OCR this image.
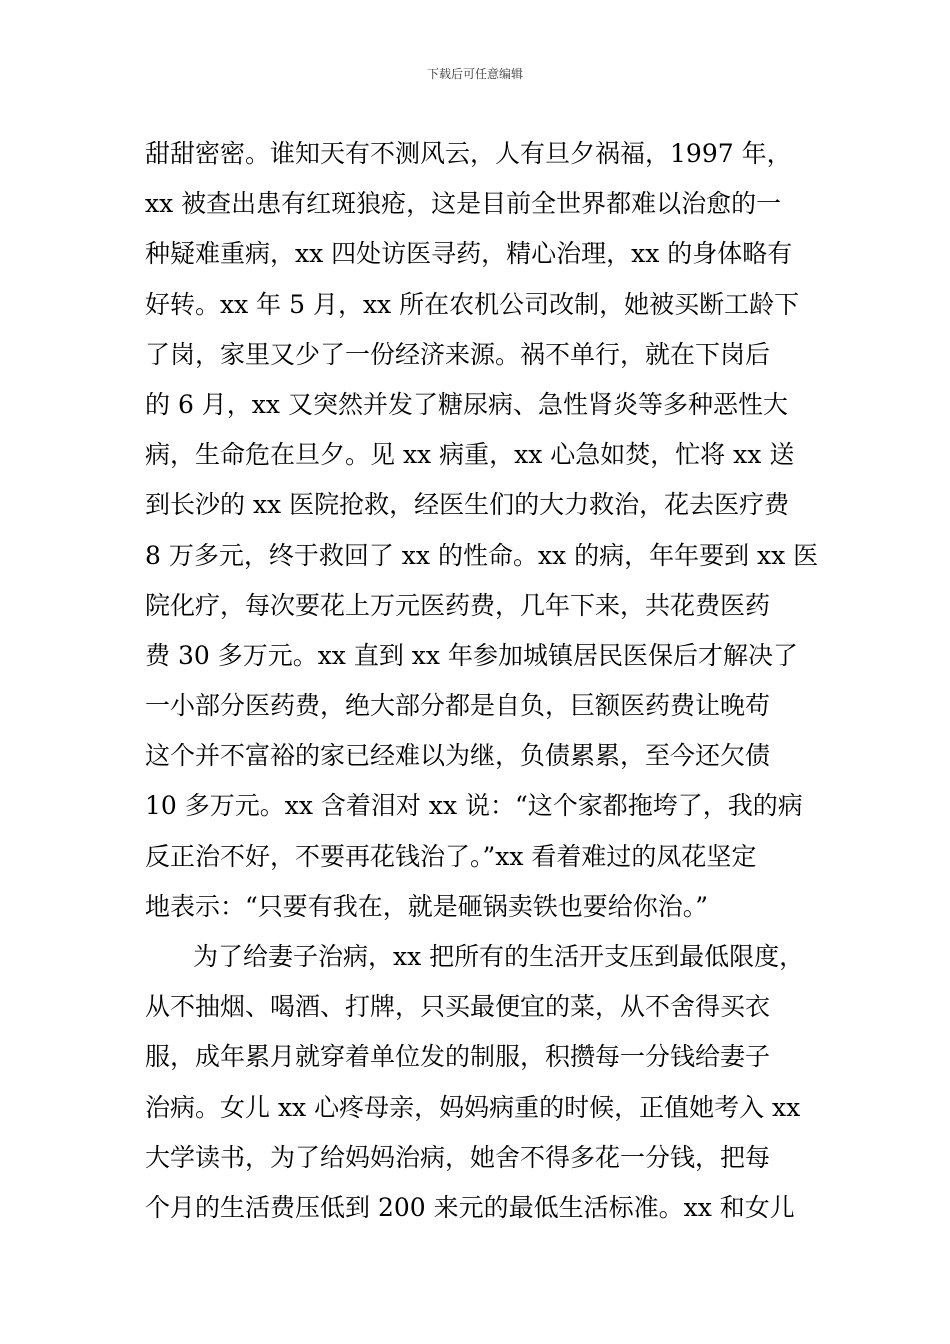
下载后可任意编辑
甜甜密密。谁知天有不测风云，人有旦夕祸福，1997 年，
xx 被查出患有红斑狼疮，这是目前全世界都难以治愈的一
种疑难重病，xx 四处访医寻药，精心治理，xx 的身体略有
好转。xx 年 5 月，xx 所在农机公司改制，她被买断工龄下
了岗，家里又少了一份经济来源。祸不单行，就在下岗后
的 6 月，xx 又突然并发了糖尿病、急性肾炎等多种恶性大
病，生命危在旦夕。见 xx 病重，xx 心急如焚，忙将 xx 送
到长沙的 xx 医院抢救，经医生们的大力救治，花去医疗费
8 万多元，终于救回了 xx 的性命。xx 的病，年年要到 xx 医
院化疗，每次要花上万元医药费，几年下来，共花费医药
费 30 多万元。xx 直到 xx 年参加城镇居民医保后才解决了
一小部分医药费，绝大部分都是自负，巨额医药费让晚苟
这个并不富裕的家已经难以为继，负债累累，至今还欠债
10 多万元。xx 含着泪对 xx 说：“这个家都拖垮了，我的病
反正治不好，不要再花钱治了。”xx 看着难过的凤花坚定
地表示：“只要有我在，就是砸锅卖铁也要给你治。”
为了给妻子治病，xx 把所有的生活开支压到最低限度，
从不抽烟、喝酒、打牌，只买最便宜的菜，从不舍得买衣
服，成年累月就穿着单位发的制服，积攒每一分钱给妻子
治病。女儿 xx 心疼母亲，妈妈病重的时候，正值她考入 xx
大学读书，为了给妈妈治病，她舍不得多花一分钱，把每
个月的生活费压低到 200 来元的最低生活标准。xx 和女儿
